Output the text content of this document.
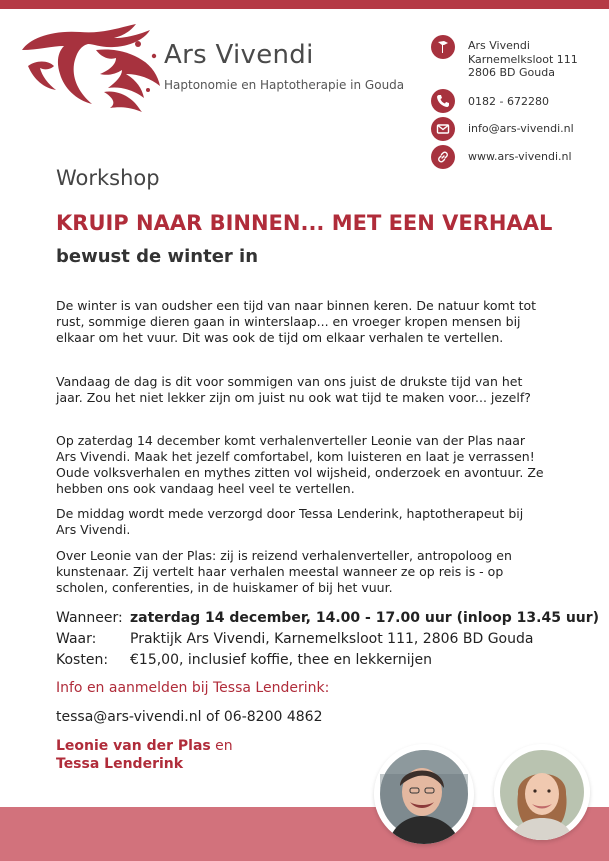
Ars Vivendi
Haptonomie en Haptotherapie in Gouda
Ars Vivendi
Karnemelksloot 111
2806 BD Gouda
0182 - 672280
info@ars-vivendi.nl
www.ars-vivendi.nl
Workshop
KRUIP NAAR BINNEN... MET EEN VERHAAL
bewust de winter in

De winter is van oudsher een tijd van naar binnen keren. De natuur komt tot rust, sommige dieren gaan in winterslaap... en vroeger kropen mensen bij elkaar om het vuur. Dit was ook de tijd om elkaar verhalen te vertellen.

Vandaag de dag is dit voor sommigen van ons juist de drukste tijd van het jaar. Zou het niet lekker zijn om juist nu ook wat tijd te maken voor... jezelf?

Op zaterdag 14 december komt verhalenverteller Leonie van der Plas naar Ars Vivendi. Maak het jezelf comfortabel, kom luisteren en laat je verrassen! Oude volksverhalen en mythes zitten vol wijsheid, onderzoek en avontuur. Ze hebben ons ook vandaag heel veel te vertellen.

De middag wordt mede verzorgd door Tessa Lenderink, haptotherapeut bij Ars Vivendi.

Over Leonie van der Plas: zij is reizend verhalenverteller, antropoloog en kunstenaar. Zij vertelt haar verhalen meestal wanneer ze op reis is - op scholen, conferenties, in de huiskamer of bij het vuur.

Wanneer: zaterdag 14 december, 14.00 - 17.00 uur (inloop 13.45 uur)
Waar: Praktijk Ars Vivendi, Karnemelksloot 111, 2806 BD Gouda
Kosten: €15,00, inclusief koffie, thee en lekkernijen
Info en aanmelden bij Tessa Lenderink:
tessa@ars-vivendi.nl of 06-8200 4862
Leonie van der Plas en
Tessa Lenderink
